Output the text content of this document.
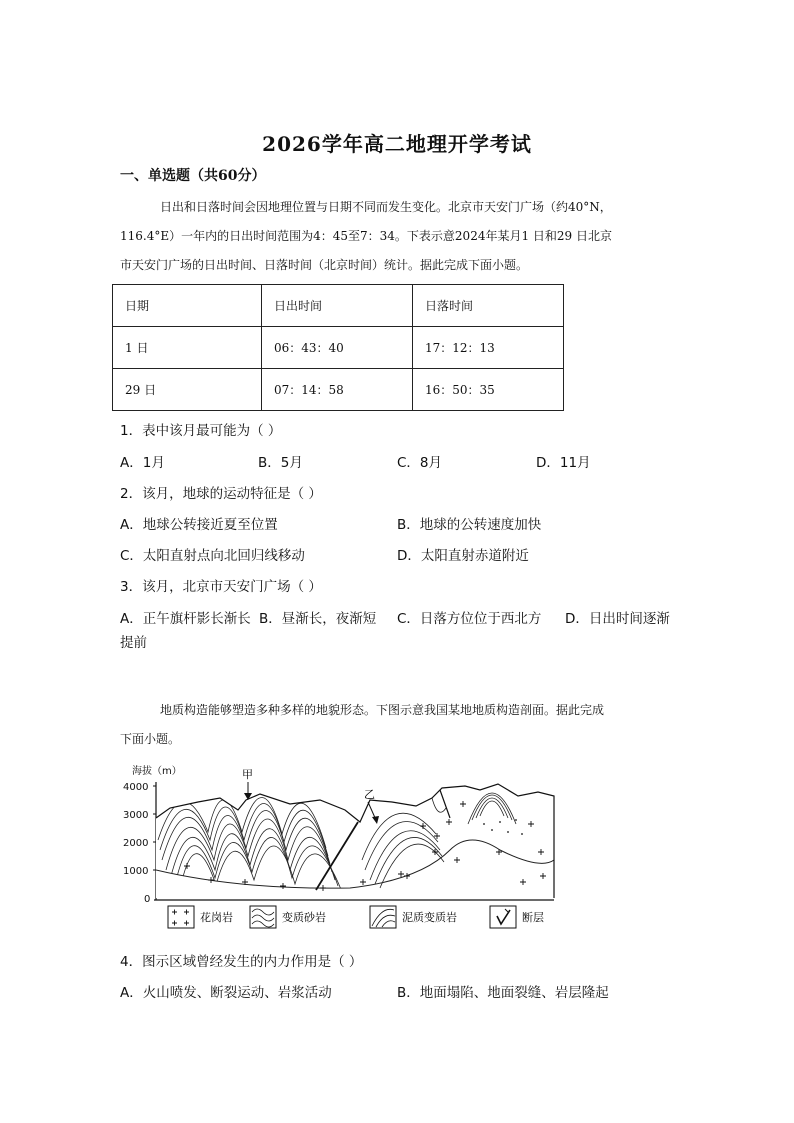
2026学年高二地理开学考试
一、单选题（共60分）
日出和日落时间会因地理位置与日期不同而发生变化。北京市天安门广场（约40°N，
116.4°E）一年内的日出时间范围为4：45至7：34。下表示意2024年某月1 日和29 日北京
市天安门广场的日出时间、日落时间（北京时间）统计。据此完成下面小题。
日期	日出时间	日落时间
1 日	06：43：40	17：12：13
29 日	07：14：58	16：50：35
1．表中该月最可能为（ ）
A．1月	B．5月	C．8月	D．11月
2．该月，地球的运动特征是（ ）
A．地球公转接近夏至位置	B．地球的公转速度加快
C．太阳直射点向北回归线移动	D．太阳直射赤道附近
3．该月，北京市天安门广场（ ）
A．正午旗杆影长渐长 B．昼渐长，夜渐短 C．日落方位位于西北方 D．日出时间逐渐
提前
地质构造能够塑造多种多样的地貌形态。下图示意我国某地地质构造剖面。据此完成
下面小题。
海拔（m）
4000
3000
2000
1000
0
甲
乙
花岗岩	变质砂岩	泥质变质岩	断层
4．图示区域曾经发生的内力作用是（ ）
A．火山喷发、断裂运动、岩浆活动	B．地面塌陷、地面裂缝、岩层隆起
